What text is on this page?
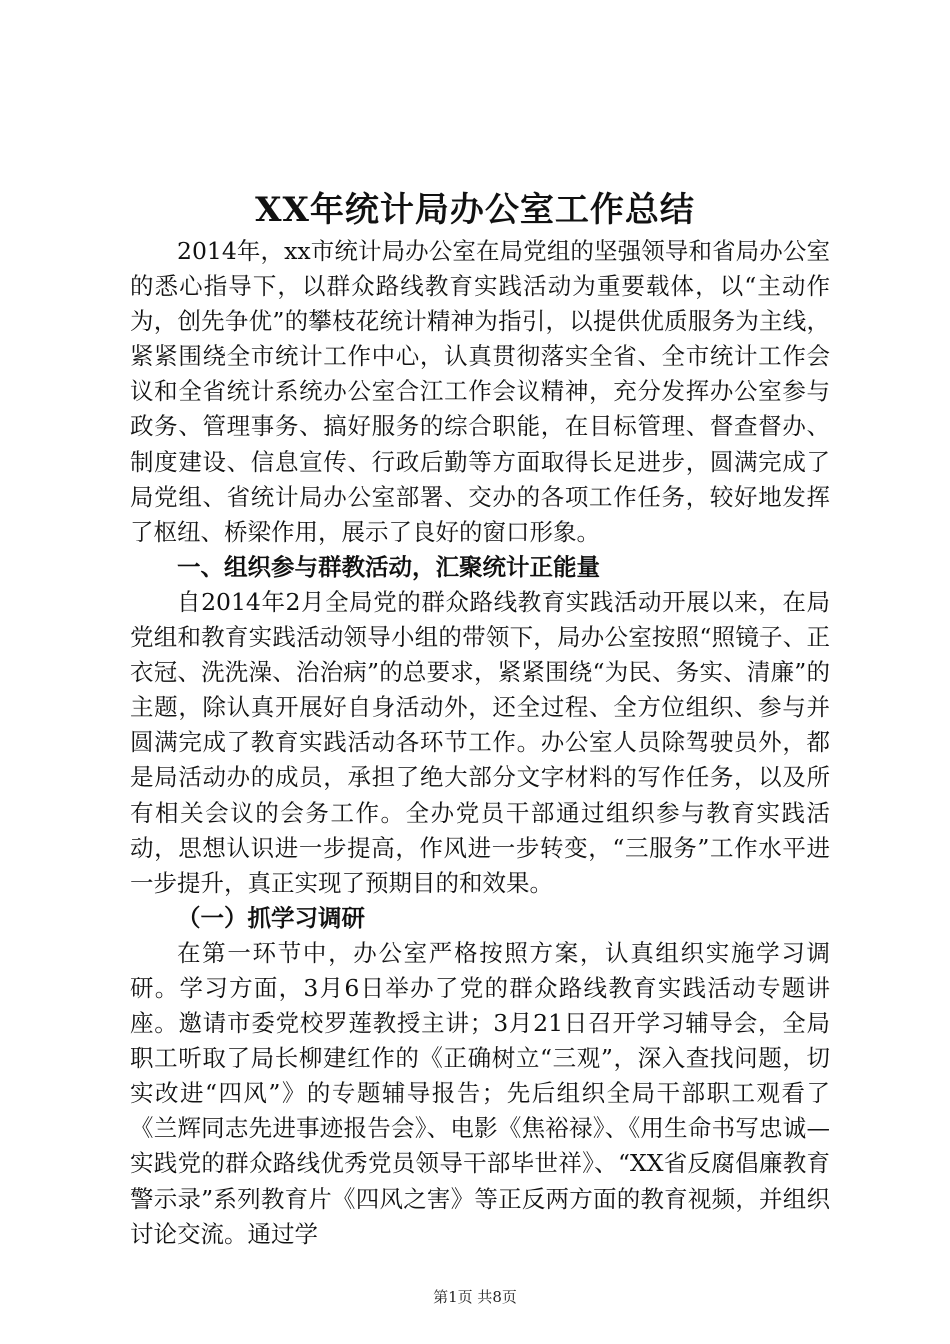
XX年统计局办公室工作总结

2014年，xx市统计局办公室在局党组的坚强领导和省局办公室的悉心指导下，以群众路线教育实践活动为重要载体，以“主动作为，创先争优”的攀枝花统计精神为指引，以提供优质服务为主线，紧紧围绕全市统计工作中心，认真贯彻落实全省、全市统计工作会议和全省统计系统办公室合江工作会议精神，充分发挥办公室参与政务、管理事务、搞好服务的综合职能，在目标管理、督查督办、制度建设、信息宣传、行政后勤等方面取得长足进步，圆满完成了局党组、省统计局办公室部署、交办的各项工作任务，较好地发挥了枢纽、桥梁作用，展示了良好的窗口形象。

一、组织参与群教活动，汇聚统计正能量

自2014年2月全局党的群众路线教育实践活动开展以来，在局党组和教育实践活动领导小组的带领下，局办公室按照“照镜子、正衣冠、洗洗澡、治治病”的总要求，紧紧围绕“为民、务实、清廉”的主题，除认真开展好自身活动外，还全过程、全方位组织、参与并圆满完成了教育实践活动各环节工作。办公室人员除驾驶员外，都是局活动办的成员，承担了绝大部分文字材料的写作任务，以及所有相关会议的会务工作。全办党员干部通过组织参与教育实践活动，思想认识进一步提高，作风进一步转变，“三服务”工作水平进一步提升，真正实现了预期目的和效果。

（一）抓学习调研

在第一环节中，办公室严格按照方案，认真组织实施学习调研。学习方面，3月6日举办了党的群众路线教育实践活动专题讲座。邀请市委党校罗莲教授主讲；3月21日召开学习辅导会，全局职工听取了局长柳建红作的《正确树立“三观”，深入查找问题，切实改进“四风”》的专题辅导报告；先后组织全局干部职工观看了《兰辉同志先进事迹报告会》、电影《焦裕禄》、《用生命书写忠诚—实践党的群众路线优秀党员领导干部毕世祥》、“XX省反腐倡廉教育警示录”系列教育片《四风之害》等正反两方面的教育视频，并组织讨论交流。通过学

第1页 共8页
